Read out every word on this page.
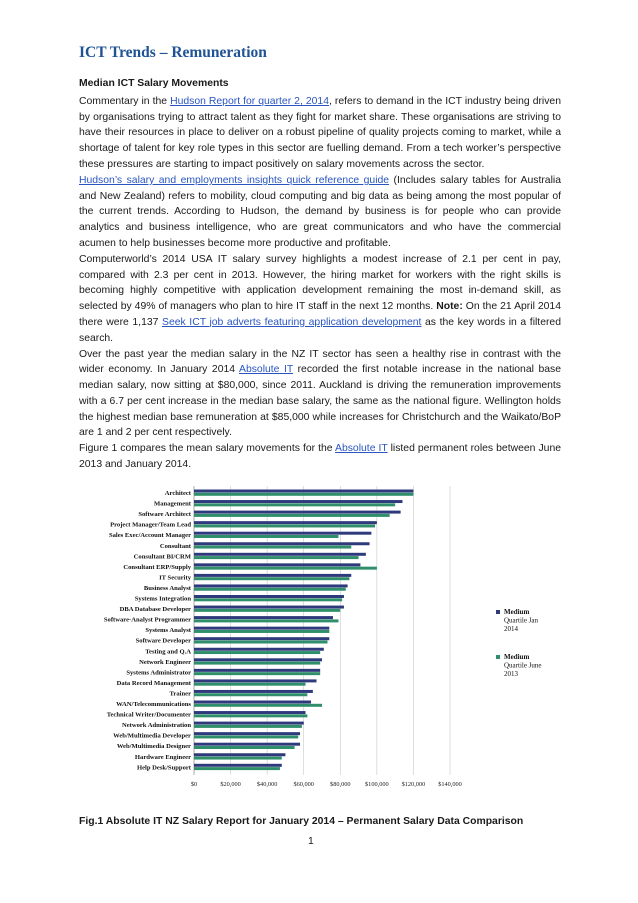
ICT Trends – Remuneration
Median ICT Salary Movements

Commentary in the Hudson Report for quarter 2, 2014, refers to demand in the ICT industry being driven by organisations trying to attract talent as they fight for market share. These organisations are striving to have their resources in place to deliver on a robust pipeline of quality projects coming to market, while a shortage of talent for key role types in this sector are fuelling demand. From a tech worker’s perspective these pressures are starting to impact positively on salary movements across the sector.

Hudson’s salary and employments insights quick reference guide (Includes salary tables for Australia and New Zealand) refers to mobility, cloud computing and big data as being among the most popular of the current trends. According to Hudson, the demand by business is for people who can provide analytics and business intelligence, who are great communicators and who have the commercial acumen to help businesses become more productive and profitable.

Computerworld’s 2014 USA IT salary survey highlights a modest increase of 2.1 per cent in pay, compared with 2.3 per cent in 2013. However, the hiring market for workers with the right skills is becoming highly competitive with application development remaining the most in-demand skill, as selected by 49% of managers who plan to hire IT staff in the next 12 months. Note: On the 21 April 2014 there were 1,137 Seek ICT job adverts featuring application development as the key words in a filtered search.

Over the past year the median salary in the NZ IT sector has seen a healthy rise in contrast with the wider economy. In January 2014 Absolute IT recorded the first notable increase in the national base median salary, now sitting at $80,000, since 2011. Auckland is driving the remuneration improvements with a 6.7 per cent increase in the median base salary, the same as the national figure. Wellington holds the highest median base remuneration at $85,000 while increases for Christchurch and the Waikato/BoP are 1 and 2 per cent respectively.

Figure 1 compares the mean salary movements for the Absolute IT listed permanent roles between June 2013 and January 2014.

$0	$20,000	$40,000	$60,000	$80,000 $100,000 $120,000 $140,000
Architect
Management
Software Architect
Project Manager/Team Lead
Sales Exec/Account Manager
Consultant
Consultant BI/CRM
Consultant ERP/Supply
IT Security
Business Analyst
Systems Integration
DBA Database Developer
Software-Analyst Programmer
Systems Analyst
Software Developer
Testing and Q.A
Network Engineer
Systems Administrator
Data Record Management
Trainer
WAN/Telecommunications
Technical Writer/Documenter
Network Administration
Web/Multimedia Developer
Web/Multimedia Designer
Hardware Engineer
Help Desk/Support
Medium
Quartile Jan
2014
Medium
Quartile June
2013

Fig.1 Absolute IT NZ Salary Report for January 2014 – Permanent Salary Data Comparison

1
